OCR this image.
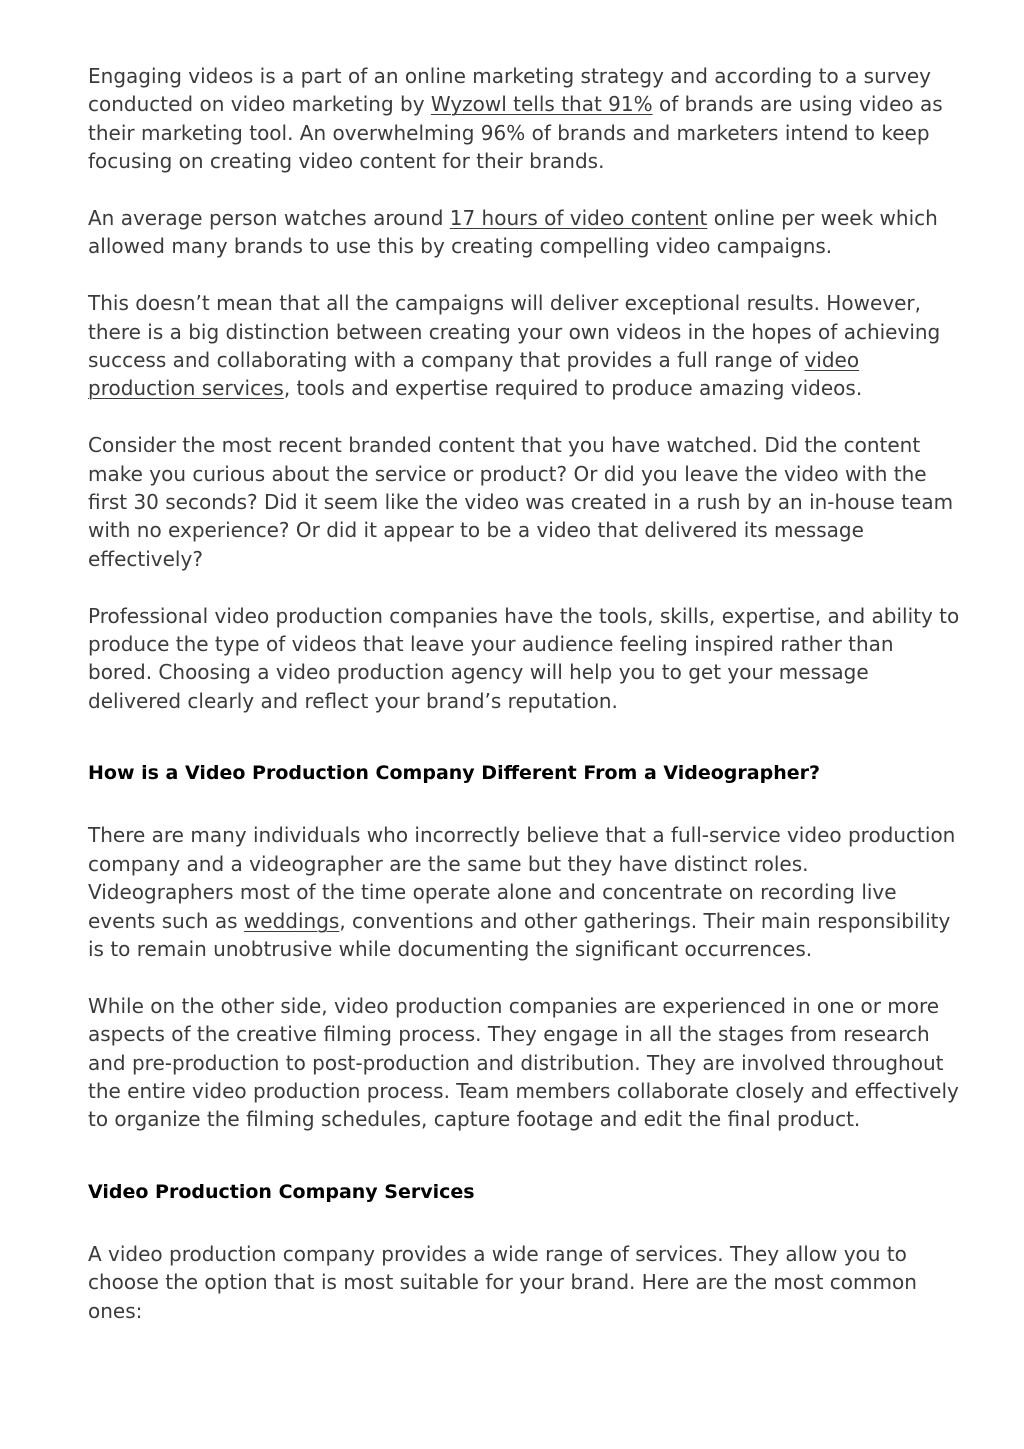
Engaging videos is a part of an online marketing strategy and according to a survey conducted on video marketing by Wyzowl tells that 91% of brands are using video as their marketing tool. An overwhelming 96% of brands and marketers intend to keep focusing on creating video content for their brands.

An average person watches around 17 hours of video content online per week which allowed many brands to use this by creating compelling video campaigns.

This doesn’t mean that all the campaigns will deliver exceptional results. However, there is a big distinction between creating your own videos in the hopes of achieving success and collaborating with a company that provides a full range of video production services, tools and expertise required to produce amazing videos.

Consider the most recent branded content that you have watched. Did the content make you curious about the service or product? Or did you leave the video with the first 30 seconds? Did it seem like the video was created in a rush by an in-house team with no experience? Or did it appear to be a video that delivered its message effectively?

Professional video production companies have the tools, skills, expertise, and ability to produce the type of videos that leave your audience feeling inspired rather than bored. Choosing a video production agency will help you to get your message delivered clearly and reflect your brand’s reputation.

How is a Video Production Company Different From a Videographer?

There are many individuals who incorrectly believe that a full-service video production company and a videographer are the same but they have distinct roles. Videographers most of the time operate alone and concentrate on recording live events such as weddings, conventions and other gatherings. Their main responsibility is to remain unobtrusive while documenting the significant occurrences.

While on the other side, video production companies are experienced in one or more aspects of the creative filming process. They engage in all the stages from research and pre-production to post-production and distribution. They are involved throughout the entire video production process. Team members collaborate closely and effectively to organize the filming schedules, capture footage and edit the final product.

Video Production Company Services

A video production company provides a wide range of services. They allow you to choose the option that is most suitable for your brand. Here are the most common ones:
